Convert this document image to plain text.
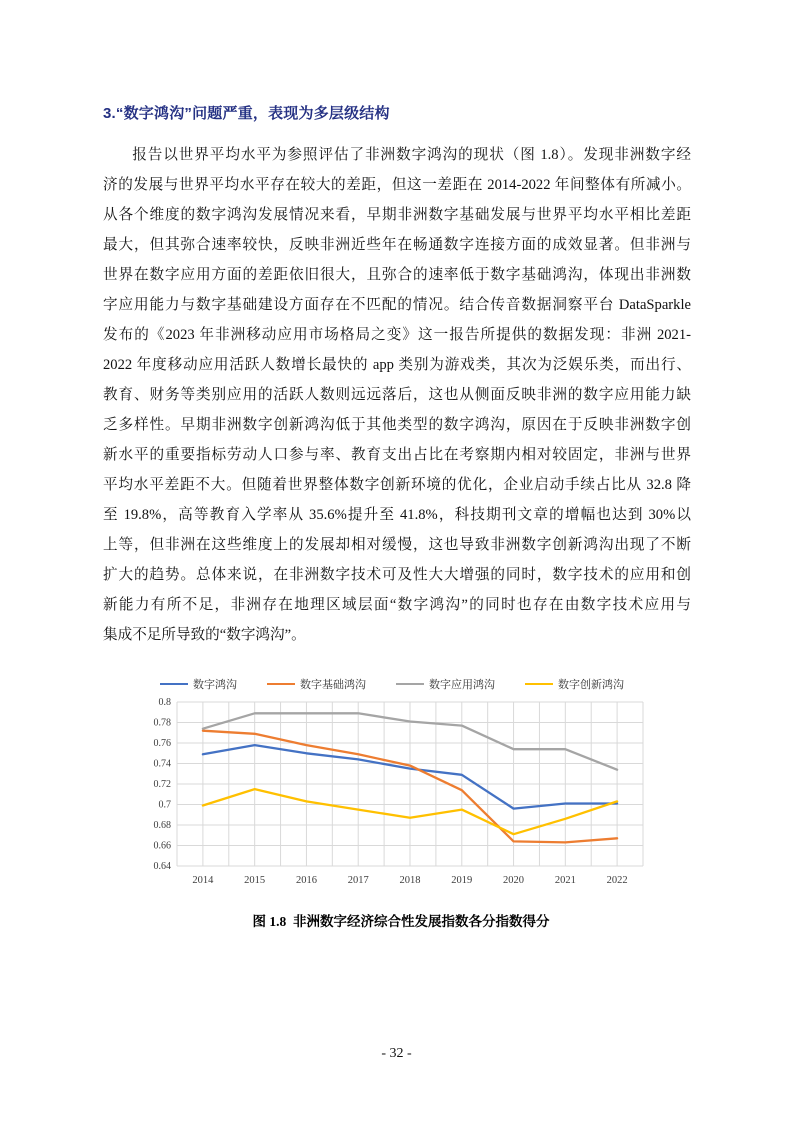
3.“数字鸿沟”问题严重，表现为多层级结构
报告以世界平均水平为参照评估了非洲数字鸿沟的现状（图 1.8）。发现非洲数字经
济的发展与世界平均水平存在较大的差距，但这一差距在 2014-2022 年间整体有所减小。
从各个维度的数字鸿沟发展情况来看，早期非洲数字基础发展与世界平均水平相比差距
最大，但其弥合速率较快，反映非洲近些年在畅通数字连接方面的成效显著。但非洲与
世界在数字应用方面的差距依旧很大，且弥合的速率低于数字基础鸿沟，体现出非洲数
字应用能力与数字基础建设方面存在不匹配的情况。结合传音数据洞察平台 DataSparkle
发布的《2023 年非洲移动应用市场格局之变》这一报告所提供的数据发现：非洲 2021-
2022 年度移动应用活跃人数增长最快的 app 类别为游戏类，其次为泛娱乐类，而出行、
教育、财务等类别应用的活跃人数则远远落后，这也从侧面反映非洲的数字应用能力缺
乏多样性。早期非洲数字创新鸿沟低于其他类型的数字鸿沟，原因在于反映非洲数字创
新水平的重要指标劳动人口参与率、教育支出占比在考察期内相对较固定，非洲与世界
平均水平差距不大。但随着世界整体数字创新环境的优化，企业启动手续占比从 32.8 降
至 19.8%，高等教育入学率从 35.6%提升至 41.8%，科技期刊文章的增幅也达到 30%以
上等，但非洲在这些维度上的发展却相对缓慢，这也导致非洲数字创新鸿沟出现了不断
扩大的趋势。总体来说，在非洲数字技术可及性大大增强的同时，数字技术的应用和创
新能力有所不足，非洲存在地理区域层面“数字鸿沟”的同时也存在由数字技术应用与
集成不足所导致的“数字鸿沟”。
数字鸿沟	数字基础鸿沟	数字应用鸿沟	数字创新鸿沟
0.8
0.78
0.76
0.74
0.72
0.7
0.68
0.66
0.64
2014	2015	2016	2017	2018	2019	2020	2021	2022
图 1.8  非洲数字经济综合性发展指数各分指数得分
- 32 -
